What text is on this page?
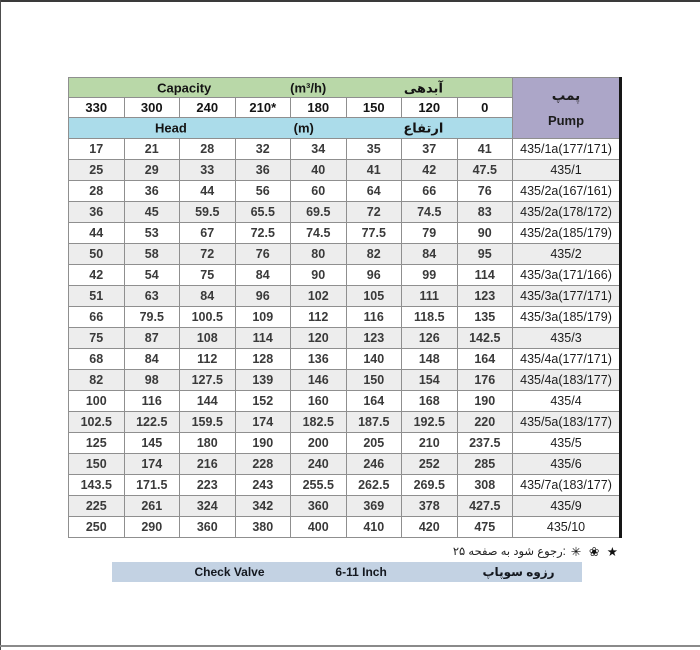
Capacity	(m³/h)	آبدهی

پمپ
Pump

330	300	240	210*	180	150	120	0	

Head (m) ارتفاع								

17	21	28	32	34	35	37	41	435/1a(177/171)
25	29	33	36	40	41	42	47.5	435/1
28	36	44	56	60	64	66	76	435/2a(167/161)
36	45	59.5	65.5	69.5	72	74.5	83	435/2a(178/172)
44	53	67	72.5	74.5	77.5	79	90	435/2a(185/179)
50	58	72	76	80	82	84	95	435/2
42	54	75	84	90	96	99	114	435/3a(171/166)
51	63	84	96	102	105	111	123	435/3a(177/171)
66	79.5	100.5	109	112	116	118.5	135	435/3a(185/179)
75	87	108	114	120	123	126	142.5	435/3
68	84	112	128	136	140	148	164	435/4a(177/171)
82	98	127.5	139	146	150	154	176	435/4a(183/177)
100	116	144	152	160	164	168	190	435/4
102.5	122.5	159.5	174	182.5	187.5	192.5	220	435/5a(183/177)
125	145	180	190	200	205	210	237.5	435/5
150	174	216	228	240	246	252	285	435/6
143.5	171.5	223	243	255.5	262.5	269.5	308	435/7a(183/177)
225	261	324	342	360	369	378	427.5	435/9
250	290	360	380	400	410	420	475	435/10
✳ ❀ ★
:رجوع شود به صفحه ۲۵
Check Valve	6-11 Inch	رزوه سوپاپ
